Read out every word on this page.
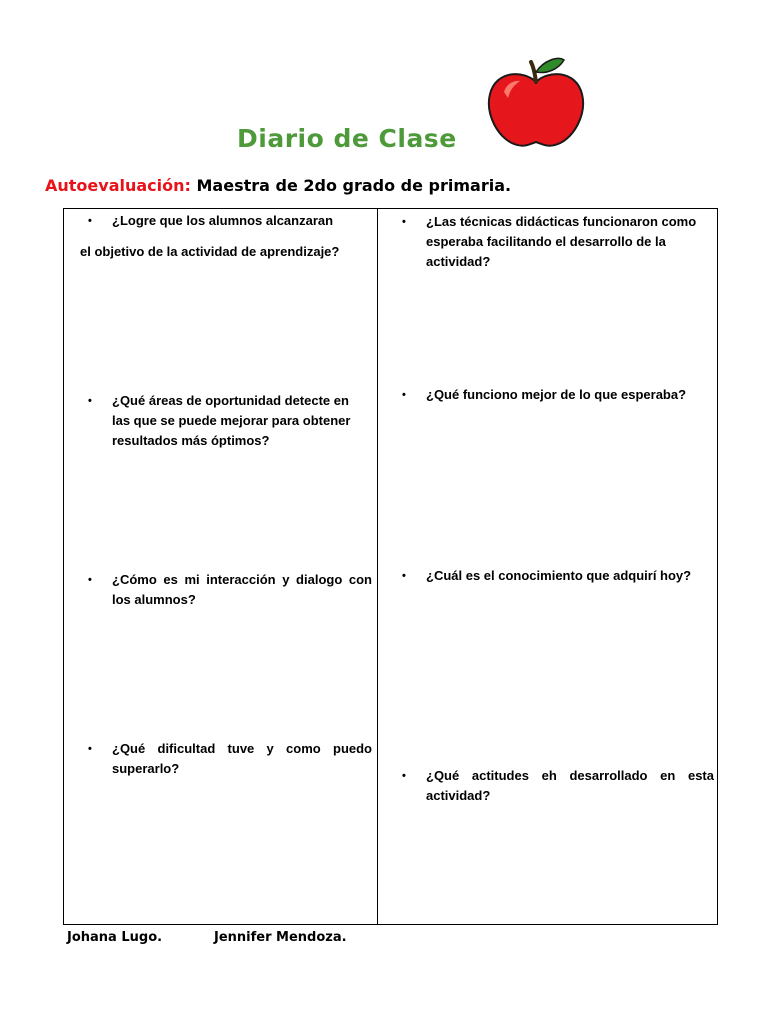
Diario de Clase
Autoevaluación: Maestra de 2do grado de primaria.
• ¿Logre que los alumnos alcanzaran
el objetivo de la actividad de aprendizaje?
• ¿Qué áreas de oportunidad detecte en las que se puede mejorar para obtener resultados más óptimos?
• ¿Cómo es mi interacción y dialogo con los alumnos?
• ¿Qué dificultad tuve y como puedo superarlo?
• ¿Las técnicas didácticas funcionaron como esperaba facilitando el desarrollo de la actividad?
• ¿Qué funciono mejor de lo que esperaba?
• ¿Cuál es el conocimiento que adquirí hoy?
• ¿Qué actitudes eh desarrollado en esta actividad?
Johana Lugo.	Jennifer Mendoza.
